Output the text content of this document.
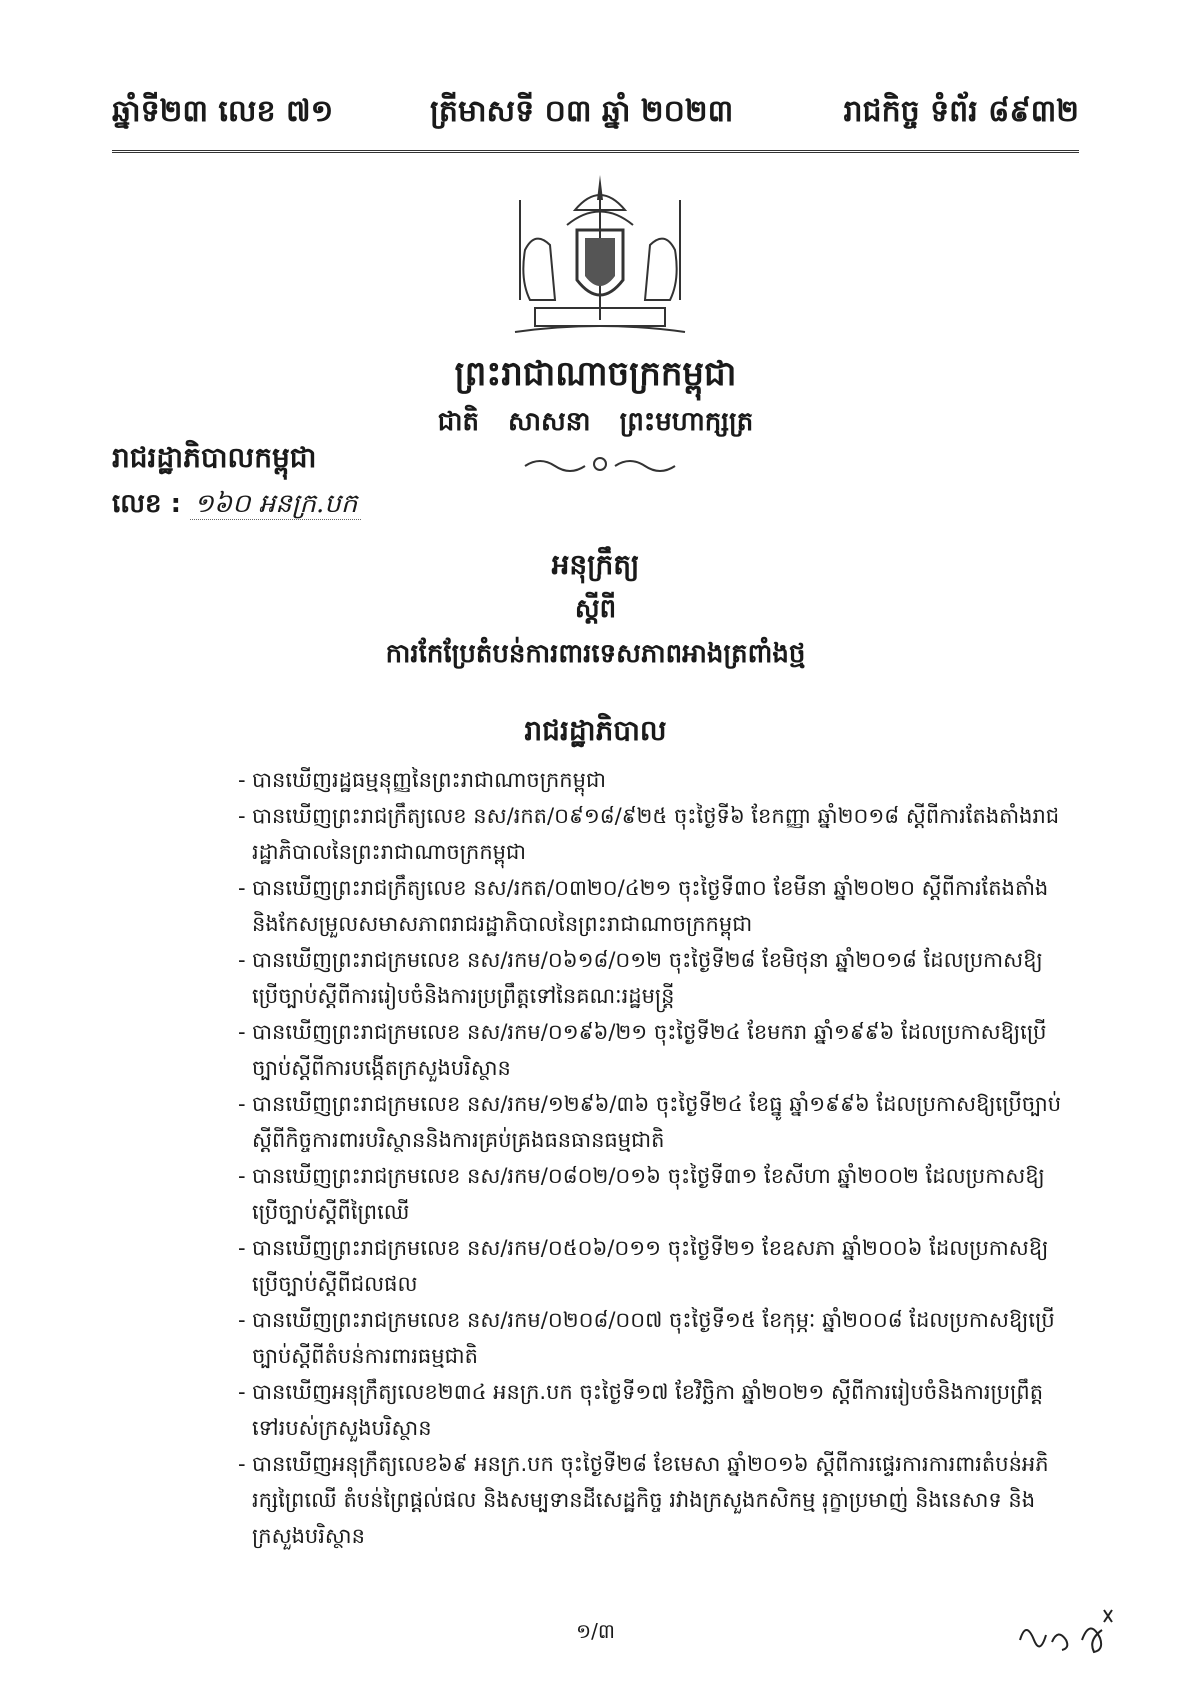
ឆ្នាំទី២៣ លេខ ៧១	ត្រីមាសទី ០៣ ឆ្នាំ ២០២៣	រាជកិច្ច ទំព័រ ៨៩៣២
ព្រះរាជាណាចក្រកម្ពុជា
ជាតិ សាសនា ព្រះមហាក្សត្រ
រាជរដ្ឋាភិបាលកម្ពុជា
លេខ : ១៦០ អនក្រ.បក
អនុក្រឹត្យ
ស្តីពី
ការកែប្រែតំបន់ការពារទេសភាពអាងត្រពាំងថ្ម
រាជរដ្ឋាភិបាល
- បានឃើញរដ្ឋធម្មនុញ្ញនៃព្រះរាជាណាចក្រកម្ពុជា
- បានឃើញព្រះរាជក្រឹត្យលេខ នស/រកត/០៩១៨/៩២៥ ចុះថ្ងៃទី៦ ខែកញ្ញា ឆ្នាំ២០១៨ ស្តីពីការតែងតាំងរាជរដ្ឋាភិបាលនៃព្រះរាជាណាចក្រកម្ពុជា
- បានឃើញព្រះរាជក្រឹត្យលេខ នស/រកត/០៣២០/៤២១ ចុះថ្ងៃទី៣០ ខែមីនា ឆ្នាំ២០២០ ស្តីពីការតែងតាំងនិងកែសម្រួលសមាសភាពរាជរដ្ឋាភិបាលនៃព្រះរាជាណាចក្រកម្ពុជា
- បានឃើញព្រះរាជក្រមលេខ នស/រកម/០៦១៨/០១២ ចុះថ្ងៃទី២៨ ខែមិថុនា ឆ្នាំ២០១៨ ដែលប្រកាសឱ្យប្រើច្បាប់ស្តីពីការរៀបចំនិងការប្រព្រឹត្តទៅនៃគណៈរដ្ឋមន្ត្រី
- បានឃើញព្រះរាជក្រមលេខ នស/រកម/០១៩៦/២១ ចុះថ្ងៃទី២៤ ខែមករា ឆ្នាំ១៩៩៦ ដែលប្រកាសឱ្យប្រើច្បាប់ស្តីពីការបង្កើតក្រសួងបរិស្ថាន
- បានឃើញព្រះរាជក្រមលេខ នស/រកម/១២៩៦/៣៦ ចុះថ្ងៃទី២៤ ខែធ្នូ ឆ្នាំ១៩៩៦ ដែលប្រកាសឱ្យប្រើច្បាប់ស្តីពីកិច្ចការពារបរិស្ថាននិងការគ្រប់គ្រងធនធានធម្មជាតិ
- បានឃើញព្រះរាជក្រមលេខ នស/រកម/០៨០២/០១៦ ចុះថ្ងៃទី៣១ ខែសីហា ឆ្នាំ២០០២ ដែលប្រកាសឱ្យប្រើច្បាប់ស្តីពីព្រៃឈើ
- បានឃើញព្រះរាជក្រមលេខ នស/រកម/០៥០៦/០១១ ចុះថ្ងៃទី២១ ខែឧសភា ឆ្នាំ២០០៦ ដែលប្រកាសឱ្យប្រើច្បាប់ស្តីពីជលផល
- បានឃើញព្រះរាជក្រមលេខ នស/រកម/០២០៨/០០៧ ចុះថ្ងៃទី១៥ ខែកុម្ភៈ ឆ្នាំ២០០៨ ដែលប្រកាសឱ្យប្រើច្បាប់ស្តីពីតំបន់ការពារធម្មជាតិ
- បានឃើញអនុក្រឹត្យលេខ២៣៤ អនក្រ.បក ចុះថ្ងៃទី១៧ ខែវិច្ឆិកា ឆ្នាំ២០២១ ស្តីពីការរៀបចំនិងការប្រព្រឹត្តទៅរបស់ក្រសួងបរិស្ថាន
- បានឃើញអនុក្រឹត្យលេខ៦៩ អនក្រ.បក ចុះថ្ងៃទី២៨ ខែមេសា ឆ្នាំ២០១៦ ស្តីពីការផ្ទេរការការពារតំបន់អភិរក្សព្រៃឈើ តំបន់ព្រៃផ្តល់ផល និងសម្បទានដីសេដ្ឋកិច្ច រវាងក្រសួងកសិកម្ម រុក្ខាប្រមាញ់ និងនេសាទ និងក្រសួងបរិស្ថាន
១/៣
